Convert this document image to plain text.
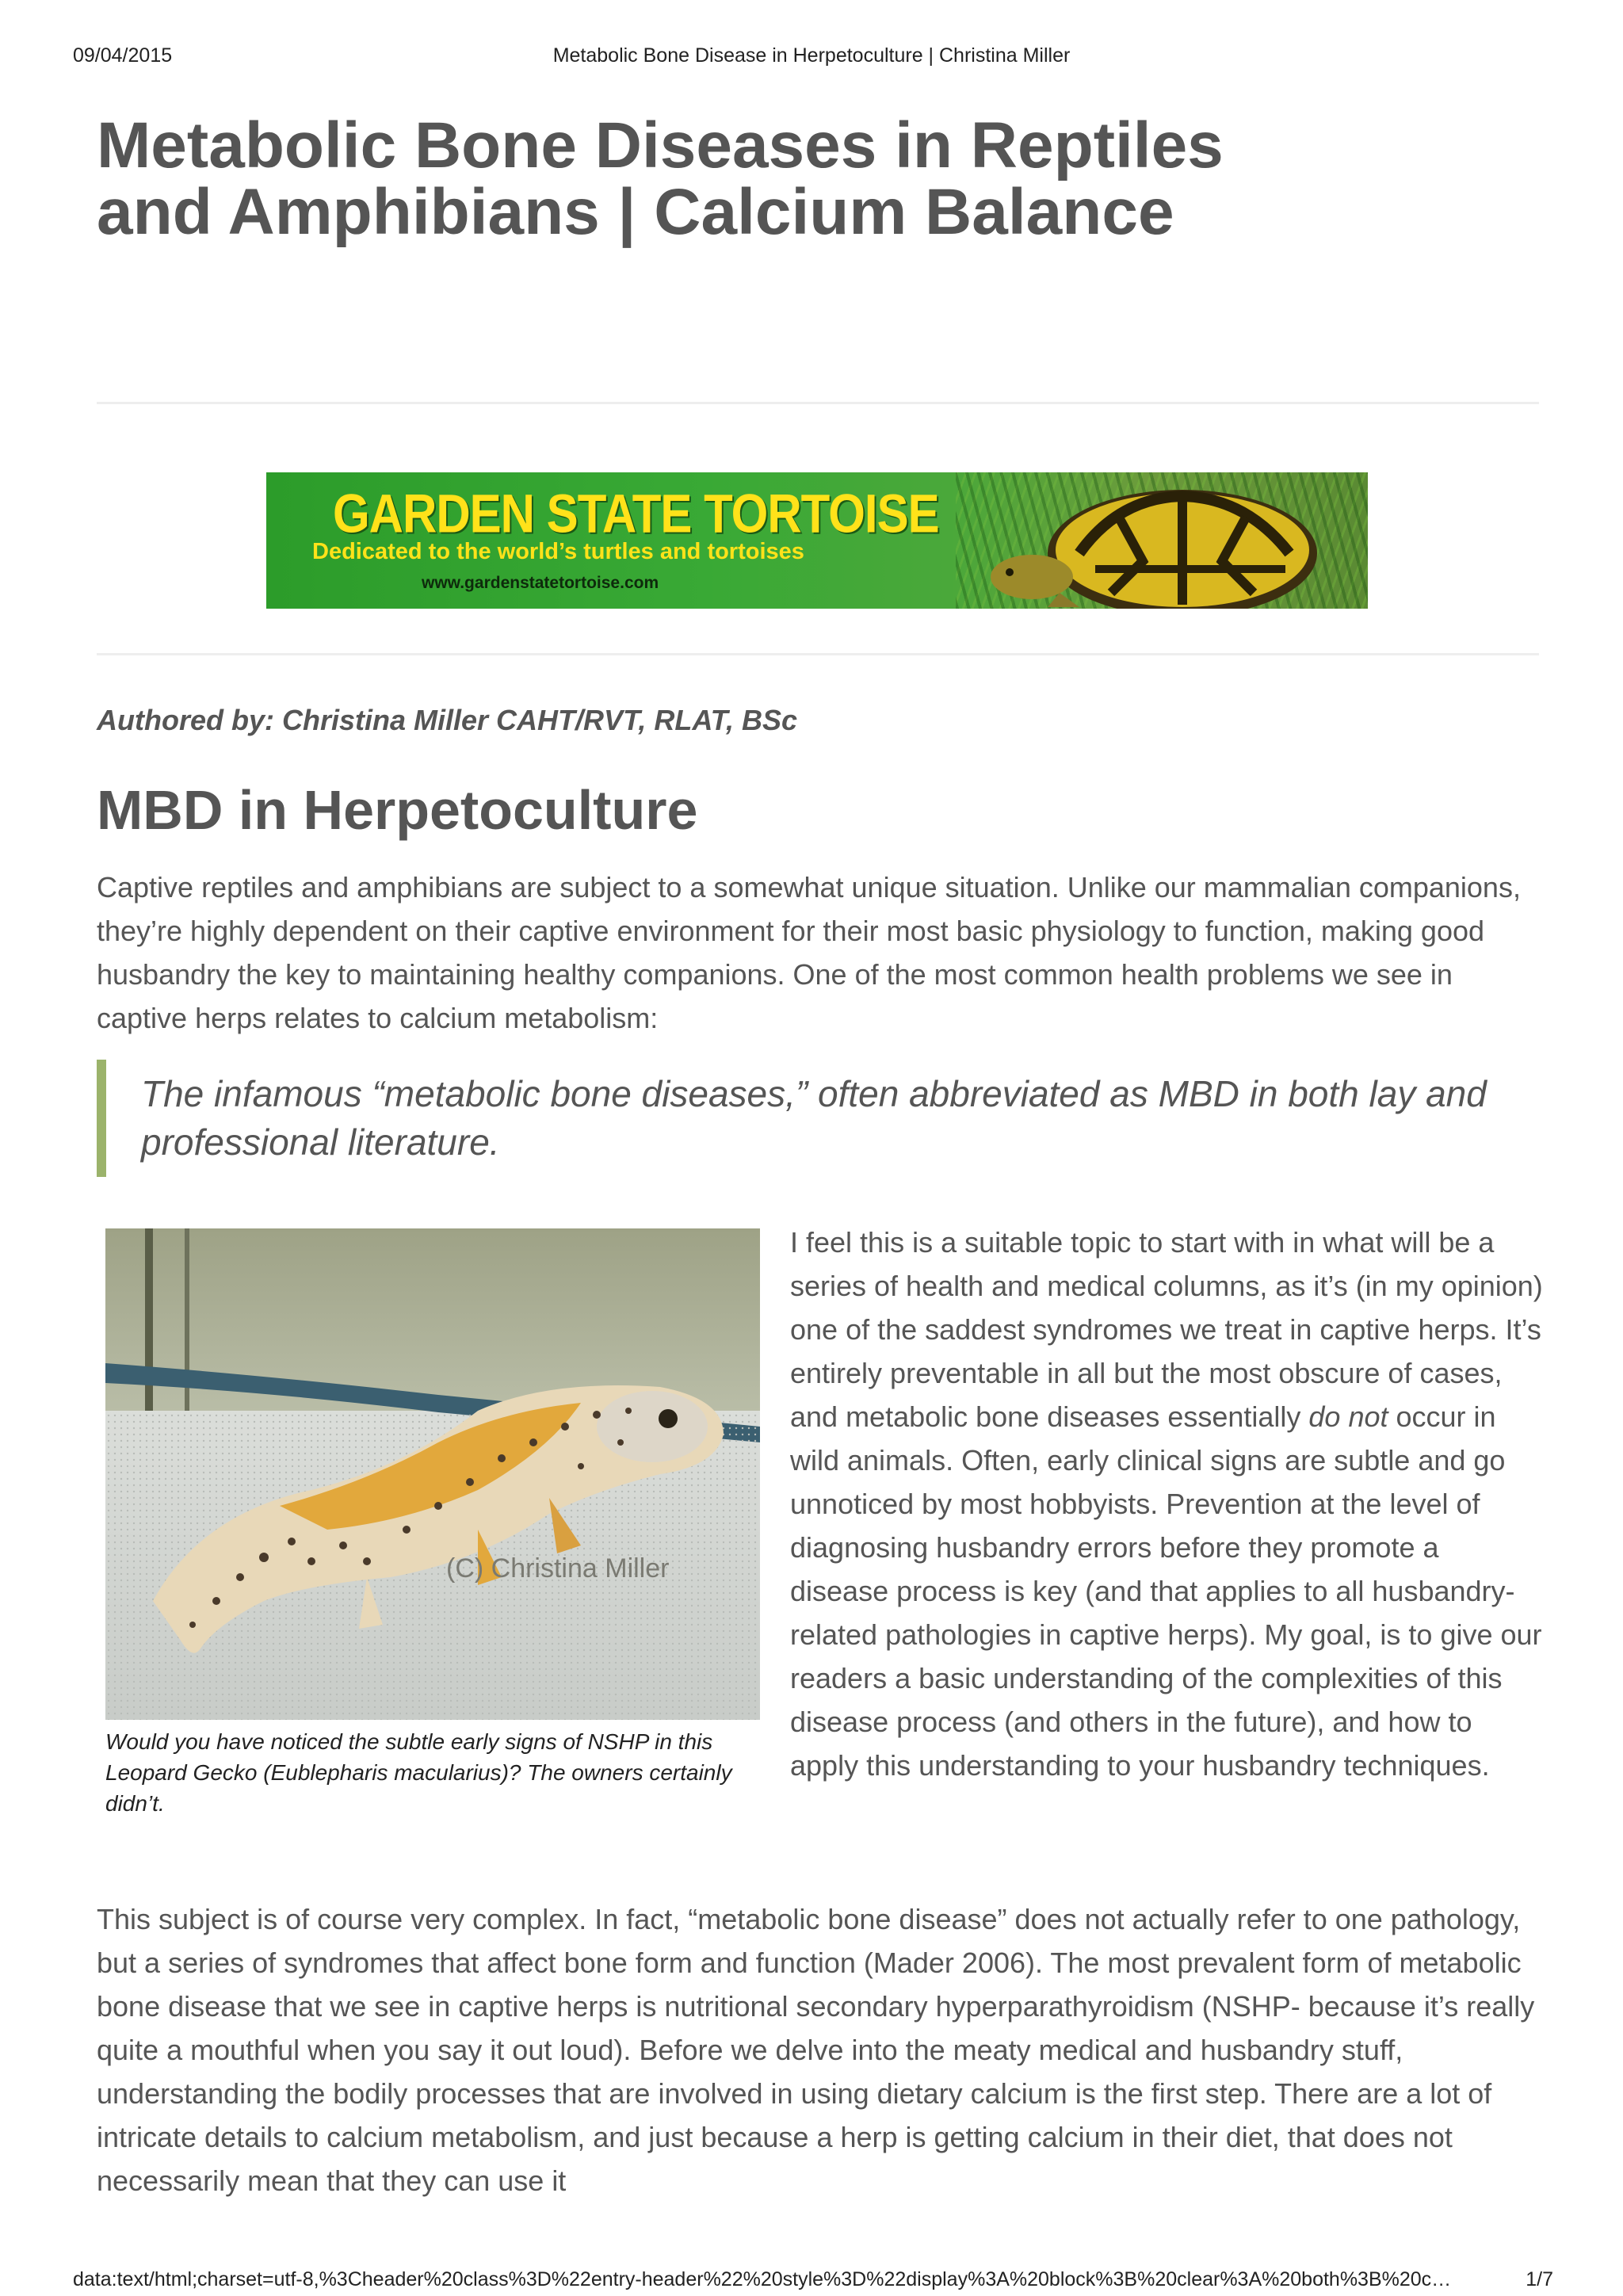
09/04/2015	Metabolic Bone Disease in Herpetoculture | Christina Miller
Metabolic Bone Diseases in Reptiles and Amphibians | Calcium Balance
GARDEN STATE TORTOISE
Dedicated to the world’s turtles and tortoises
www.gardenstatetortoise.com
Authored by: Christina Miller CAHT/RVT, RLAT, BSc
MBD in Herpetoculture

Captive reptiles and amphibians are subject to a somewhat unique situation. Unlike our mammalian companions, they’re highly dependent on their captive environment for their most basic physiology to function, making good husbandry the key to maintaining healthy companions. One of the most common health problems we see in captive herps relates to calcium metabolism:

The infamous “metabolic bone diseases,” often abbreviated as MBD in both lay and professional literature.

(C) Christina Miller

Would you have noticed the subtle early signs of NSHP in this Leopard Gecko (Eublepharis macularius)? The owners certainly didn’t.

I feel this is a suitable topic to start with in what will be a series of health and medical columns, as it’s (in my opinion) one of the saddest syndromes we treat in captive herps. It’s entirely preventable in all but the most obscure of cases, and metabolic bone diseases essentially do not occur in wild animals. Often, early clinical signs are subtle and go unnoticed by most hobbyists. Prevention at the level of diagnosing husbandry errors before they promote a disease process is key (and that applies to all husbandry-related pathologies in captive herps). My goal, is to give our readers a basic understanding of the complexities of this disease process (and others in the future), and how to apply this understanding to your husbandry techniques.

This subject is of course very complex. In fact, “metabolic bone disease” does not actually refer to one pathology, but a series of syndromes that affect bone form and function (Mader 2006). The most prevalent form of metabolic bone disease that we see in captive herps is nutritional secondary hyperparathyroidism (NSHP- because it’s really quite a mouthful when you say it out loud). Before we delve into the meaty medical and husbandry stuff, understanding the bodily processes that are involved in using dietary calcium is the first step. There are a lot of intricate details to calcium metabolism, and just because a herp is getting calcium in their diet, that does not necessarily mean that they can use it

data:text/html;charset=utf-8,%3Cheader%20class%3D%22entry-header%22%20style%3D%22display%3A%20block%3B%20clear%3A%20both%3B%20c…	1/7
